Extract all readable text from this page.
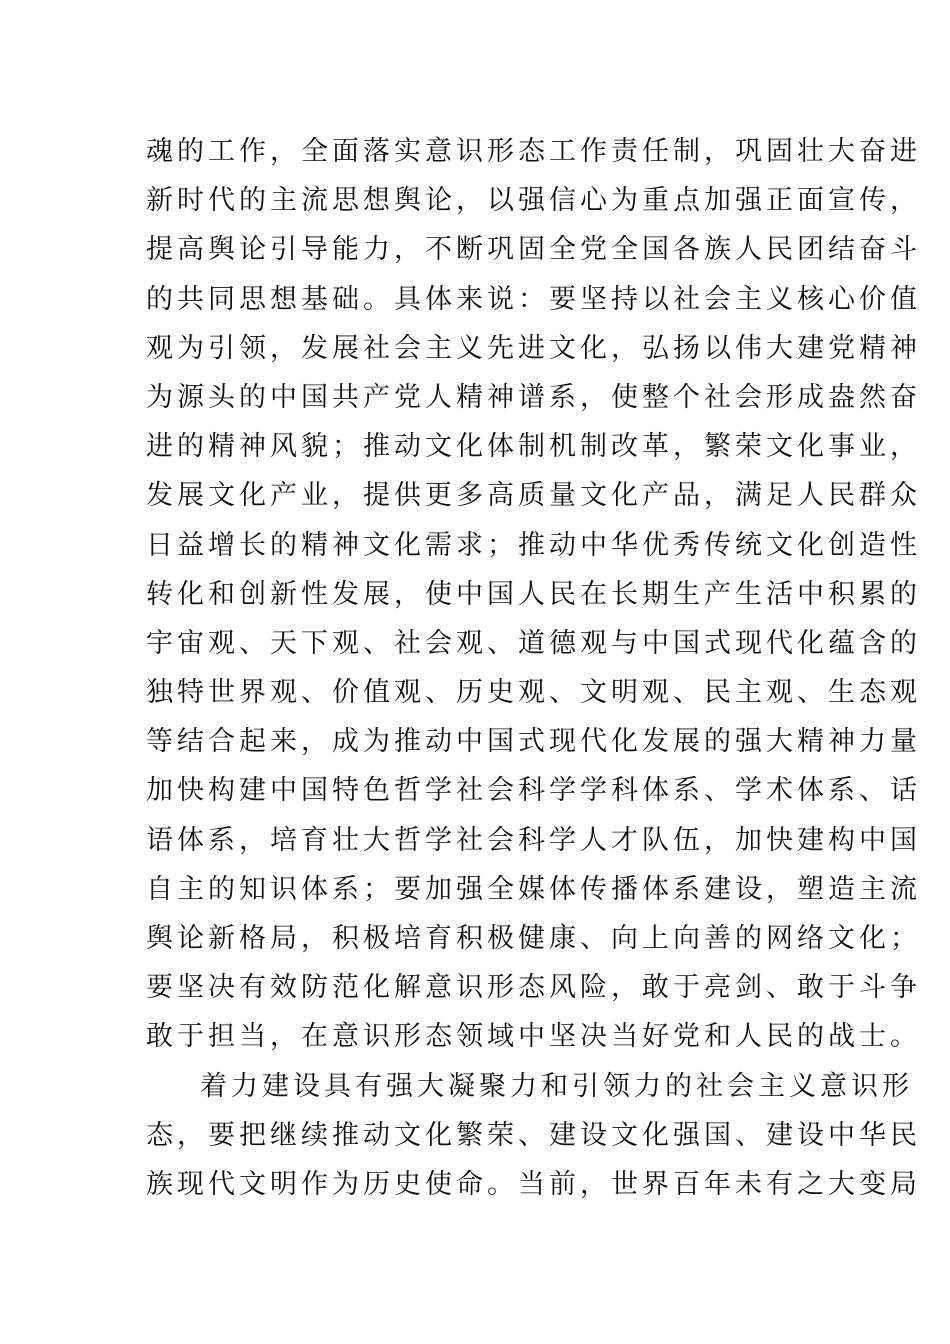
魂的工作，全面落实意识形态工作责任制，巩固壮大奋进
新时代的主流思想舆论，以强信心为重点加强正面宣传，
提高舆论引导能力，不断巩固全党全国各族人民团结奋斗
的共同思想基础。具体来说：要坚持以社会主义核心价值
观为引领，发展社会主义先进文化，弘扬以伟大建党精神
为源头的中国共产党人精神谱系，使整个社会形成盎然奋
进的精神风貌；推动文化体制机制改革，繁荣文化事业，
发展文化产业，提供更多高质量文化产品，满足人民群众
日益增长的精神文化需求；推动中华优秀传统文化创造性
转化和创新性发展，使中国人民在长期生产生活中积累的
宇宙观、天下观、社会观、道德观与中国式现代化蕴含的
独特世界观、价值观、历史观、文明观、民主观、生态观
等结合起来，成为推动中国式现代化发展的强大精神力量
加快构建中国特色哲学社会科学学科体系、学术体系、话
语体系，培育壮大哲学社会科学人才队伍，加快建构中国
自主的知识体系；要加强全媒体传播体系建设，塑造主流
舆论新格局，积极培育积极健康、向上向善的网络文化；
要坚决有效防范化解意识形态风险，敢于亮剑、敢于斗争
敢于担当，在意识形态领域中坚决当好党和人民的战士。
着力建设具有强大凝聚力和引领力的社会主义意识形
态，要把继续推动文化繁荣、建设文化强国、建设中华民
族现代文明作为历史使命。当前，世界百年未有之大变局
